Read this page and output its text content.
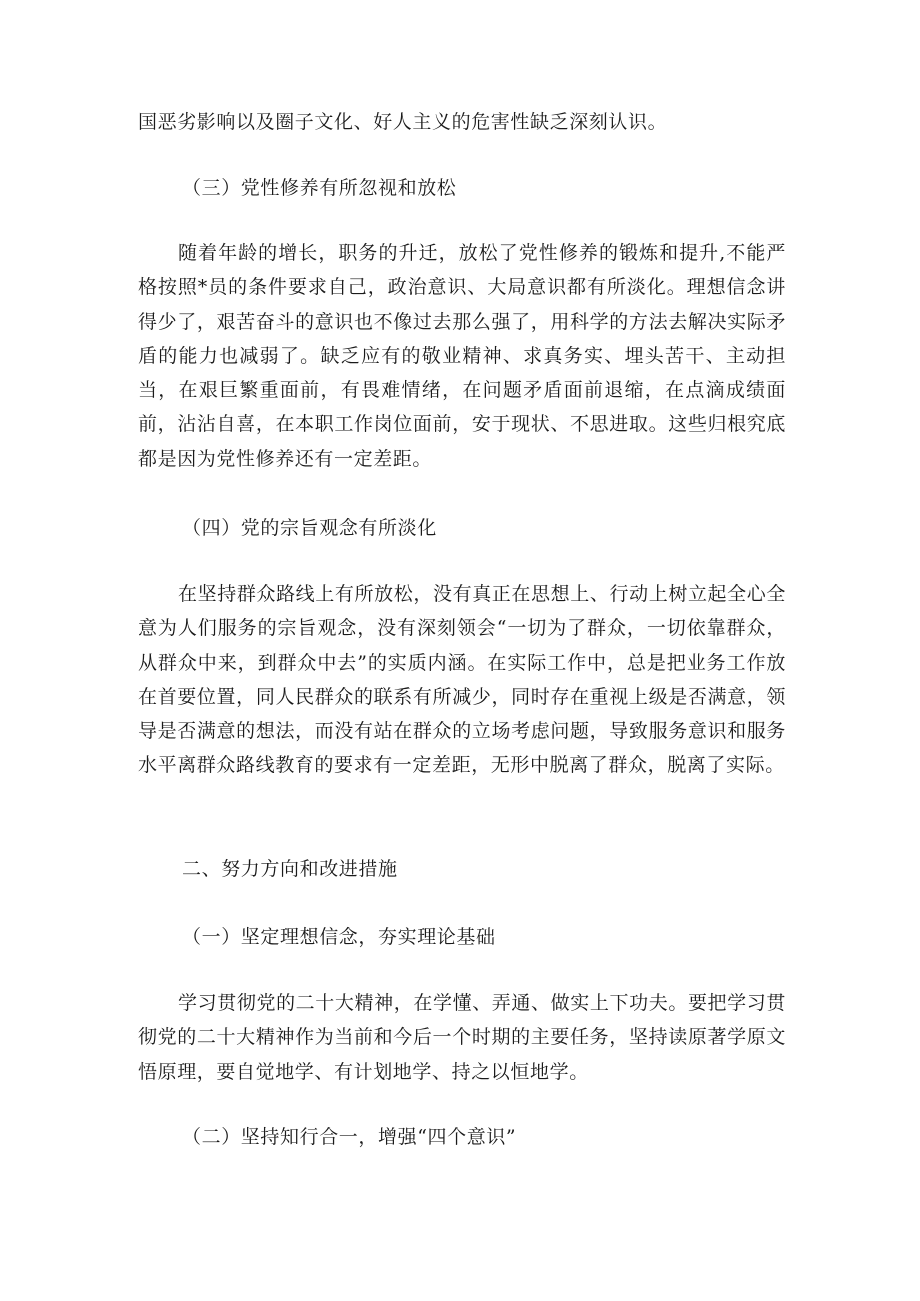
国恶劣影响以及圈子文化、好人主义的危害性缺乏深刻认识。
（三）党性修养有所忽视和放松
随着年龄的增长，职务的升迁，放松了党性修养的锻炼和提升,不能严格按照*员的条件要求自己，政治意识、大局意识都有所淡化。理想信念讲得少了，艰苦奋斗的意识也不像过去那么强了，用科学的方法去解决实际矛盾的能力也减弱了。缺乏应有的敬业精神、求真务实、埋头苦干、主动担当，在艰巨繁重面前，有畏难情绪，在问题矛盾面前退缩，在点滴成绩面前，沾沾自喜，在本职工作岗位面前，安于现状、不思进取。这些归根究底都是因为党性修养还有一定差距。
（四）党的宗旨观念有所淡化
在坚持群众路线上有所放松，没有真正在思想上、行动上树立起全心全意为人们服务的宗旨观念，没有深刻领会“一切为了群众，一切依靠群众，从群众中来，到群众中去”的实质内涵。在实际工作中，总是把业务工作放在首要位置，同人民群众的联系有所减少，同时存在重视上级是否满意，领导是否满意的想法，而没有站在群众的立场考虑问题，导致服务意识和服务水平离群众路线教育的要求有一定差距，无形中脱离了群众，脱离了实际。
二、努力方向和改进措施
（一）坚定理想信念，夯实理论基础
学习贯彻党的二十大精神，在学懂、弄通、做实上下功夫。要把学习贯彻党的二十大精神作为当前和今后一个时期的主要任务，坚持读原著学原文悟原理，要自觉地学、有计划地学、持之以恒地学。
（二）坚持知行合一，增强“四个意识”
